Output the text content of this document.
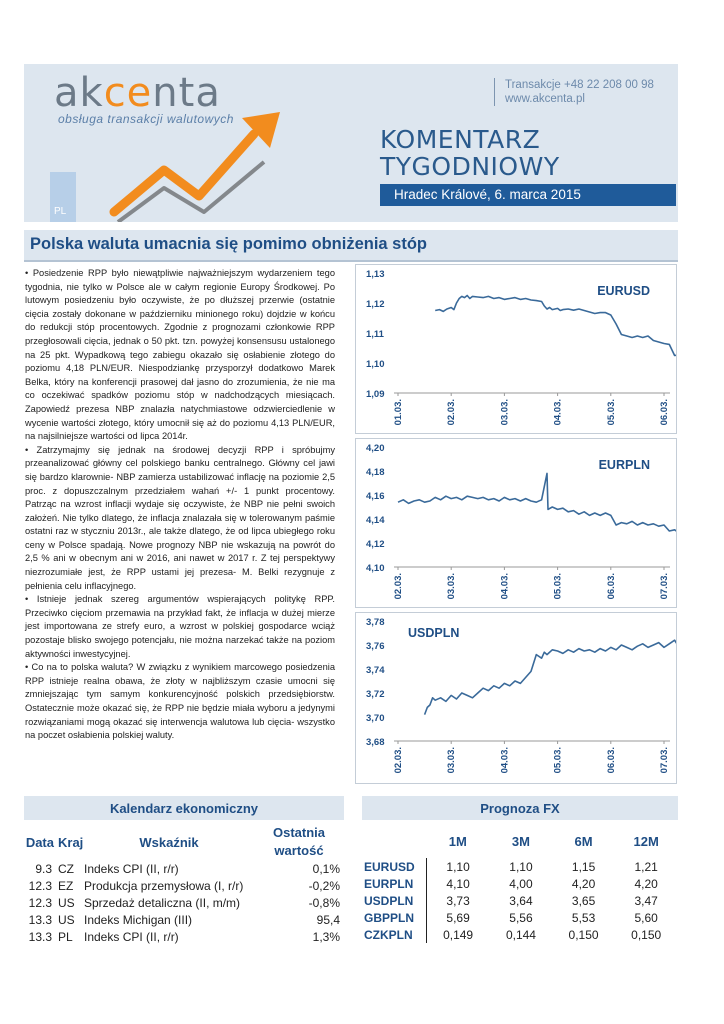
akcenta
obsługa transakcji walutowych
PL
Transakcje +48 22 208 00 98
www.akcenta.pl
KOMENTARZ
TYGODNIOWY
Hradec Králové, 6. marca 2015
Polska waluta umacnia się pomimo obniżenia stóp

• Posiedzenie RPP było niewątpliwie najważniejszym wydarzeniem tego tygodnia, nie tylko w Polsce ale w całym regionie Europy Środkowej. Po lutowym posiedzeniu było oczywiste, że po dłuższej przerwie (ostatnie cięcia zostały dokonane w październiku minionego roku) dojdzie w końcu do redukcji stóp procentowych. Zgodnie z prognozami członkowie RPP przegłosowali cięcia, jednak o 50 pkt. tzn. powyżej konsensusu ustalonego na 25 pkt. Wypadkową tego zabiegu okazało się osłabienie złotego do poziomu 4,18 PLN/EUR. Niespodziankę przysporzył dodatkowo Marek Belka, który na konferencji prasowej dał jasno do zrozumienia, że nie ma co oczekiwać spadków poziomu stóp w nadchodzących miesiącach. Zapowiedź prezesa NBP znalazła natychmiastowe odzwierciedlenie w wycenie wartości złotego, który umocnił się aż do poziomu 4,13 PLN/EUR, na najsilniejsze wartości od lipca 2014r.

• Zatrzymajmy się jednak na środowej decyzji RPP i spróbujmy przeanalizować główny cel polskiego banku centralnego. Główny cel jawi się bardzo klarownie- NBP zamierza ustabilizować inflację na poziomie 2,5 proc. z dopuszczalnym przedziałem wahań +/- 1 punkt procentowy. Patrząc na wzrost inflacji wydaje się oczywiste, że NBP nie pełni swoich założeń. Nie tylko dlatego, że inflacja znalazała się w tolerowanym paśmie ostatni raz w styczniu 2013r., ale także dlatego, że od lipca ubiegłego roku ceny w Polsce spadają. Nowe prognozy NBP nie wskazują na powrót do 2,5 % ani w obecnym ani w 2016, ani nawet w 2017 r. Z tej perspektywy niezrozumiałe jest, że RPP ustami jej prezesa- M. Belki rezygnuje z pełnienia celu inflacyjnego.

• Istnieje jednak szereg argumentów wspierających politykę RPP. Przeciwko cięciom przemawia na przykład fakt, że inflacja w dużej mierze jest importowana ze strefy euro, a wzrost w polskiej gospodarce wciąż pozostaje blisko swojego potencjału, nie można narzekać także na poziom aktywności inwestycyjnej.

• Co na to polska waluta? W związku z wynikiem marcowego posiedzenia RPP istnieje realna obawa, że złoty w najbliższym czasie umocni się zmniejszając tym samym konkurencyjność polskich przedsiębiorstw. Ostatecznie może okazać się, że RPP nie będzie miała wyboru a jedynymi rozwiązaniami mogą okazać się interwencja walutowa lub cięcia- wszystko na poczet osłabienia polskiej waluty.

1,13
1,12
1,11
1,10
1,09
01.03.	02.03.	03.03.	04.03.	05.03.	06.03.
EURUSD
4,20
4,18
4,16
4,14
4,12
4,10
02.03.	03.03.	04.03.	05.03.	06.03.	07.03.
EURPLN
3,78
3,76
3,74
3,72
3,70
3,68
02.03.	03.03.	04.03.	05.03.	06.03.	07.03.
USDPLN
Kalendarz ekonomiczny	Prognoza FX
Data	Kraj	Wskaźnik	Ostatnia
wartość

9.3	CZ	Indeks CPI (II, r/r)	0,1%
12.3	EZ	Produkcja przemysłowa (I, r/r)	-0,2%
12.3	US	Sprzedaż detaliczna (II, m/m)	-0,8%
13.3	US	Indeks Michigan (III)	95,4
13.3	PL	Indeks CPI (II, r/r)	1,3%
	1M	3M	6M	12M
EURUSD	1,10	1,10	1,15	1,21
EURPLN	4,10	4,00	4,20	4,20
USDPLN	3,73	3,64	3,65	3,47
GBPPLN	5,69	5,56	5,53	5,60
CZKPLN	0,149	0,144	0,150	0,150
